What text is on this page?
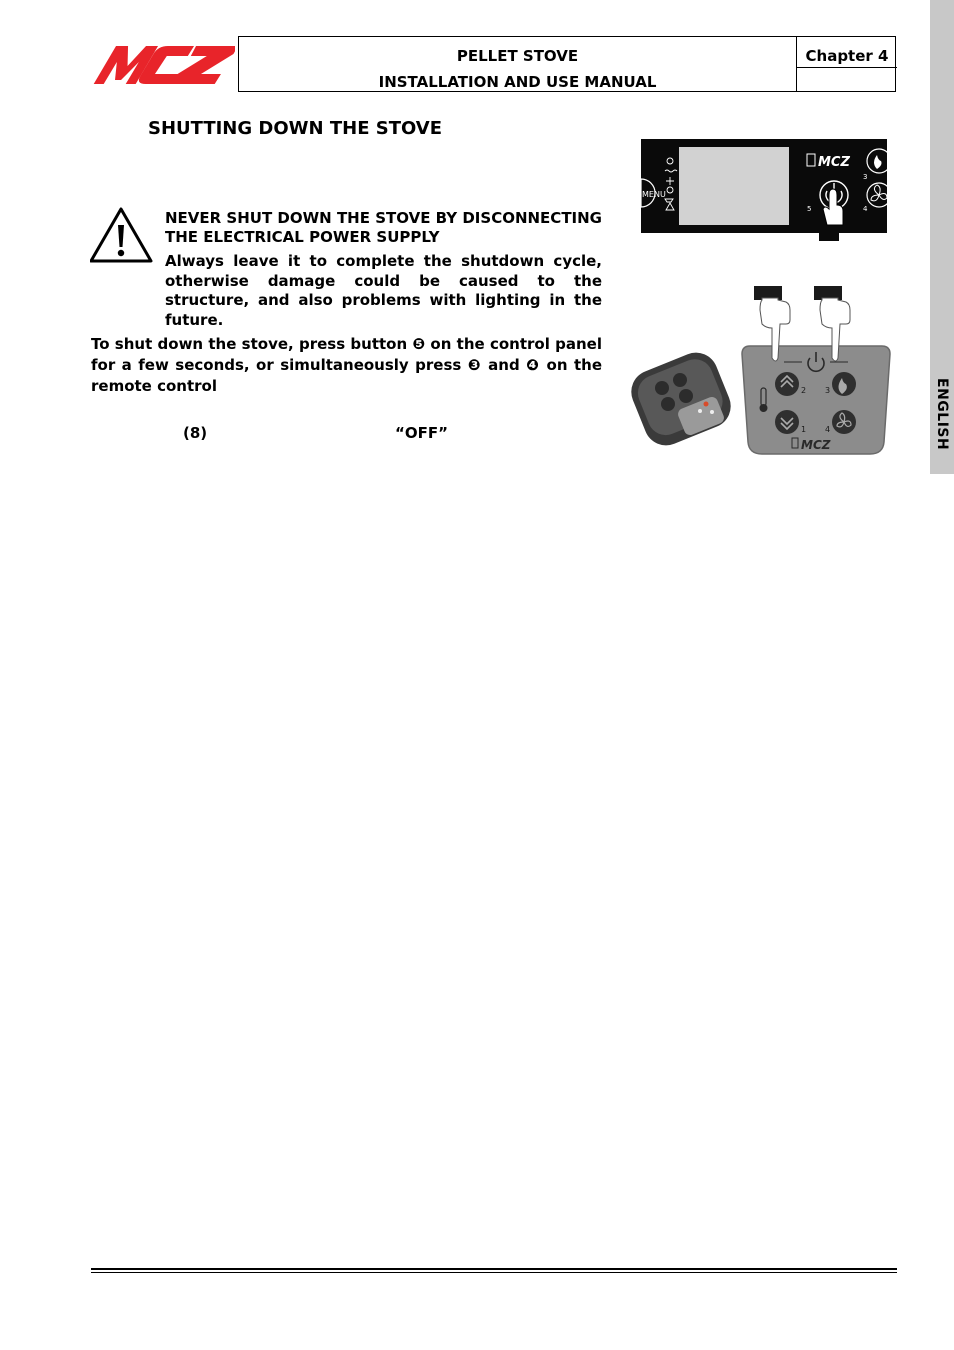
PELLET STOVE
INSTALLATION AND USE MANUAL
Chapter 4
ENGLISH
SHUTTING DOWN THE STOVE
NEVER SHUT DOWN THE STOVE BY DISCONNECTING THE ELECTRICAL POWER SUPPLY
Always leave it to complete the shutdown cycle, otherwise damage could be caused to the structure, and also problems with lighting in the future.
To shut down the stove, press button ❺ on the control panel for a few seconds, or simultaneously press ❸ and ❹ on the remote control
(8)	“OFF”
MENU
MCZ
3
5	4
2 3
1 4
MCZ
